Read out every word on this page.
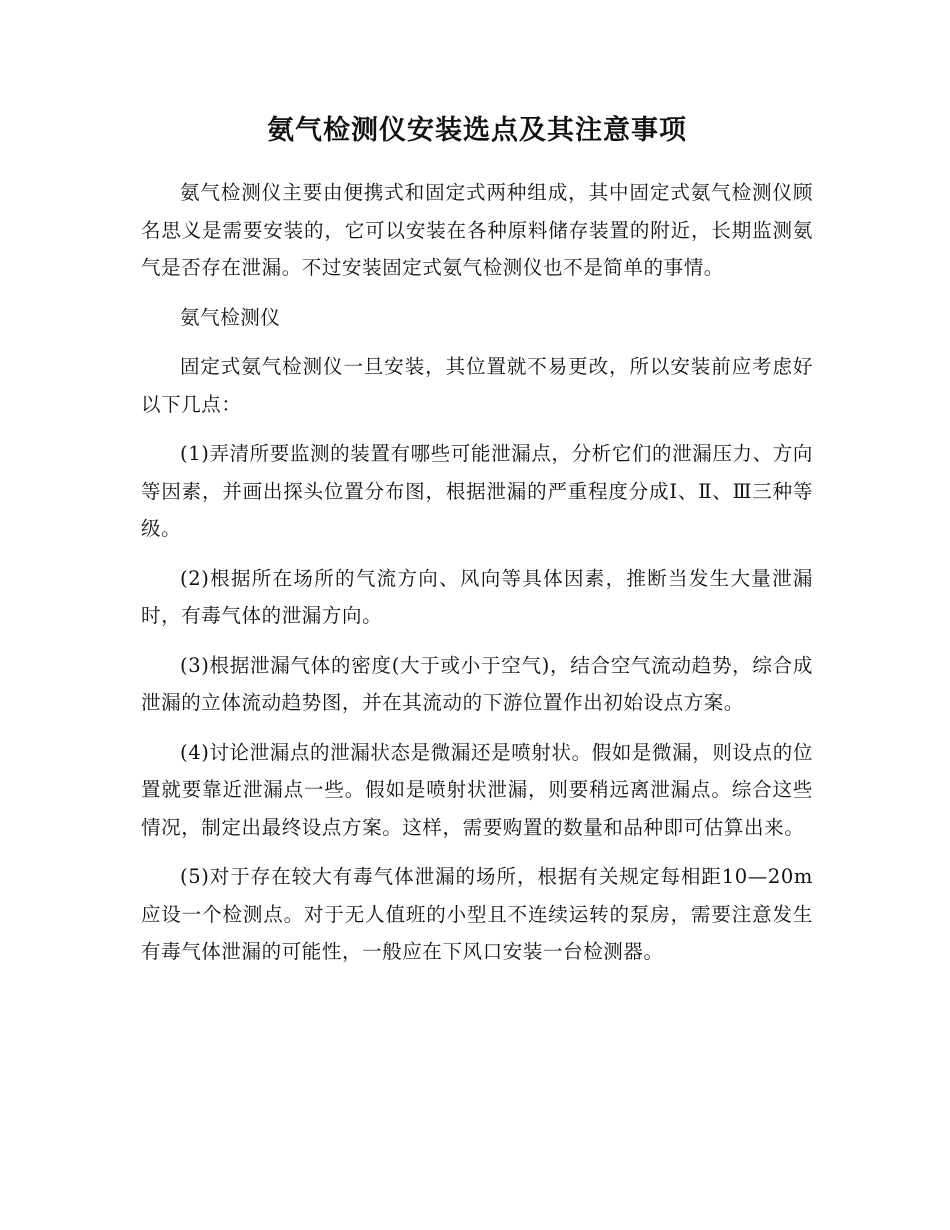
氨气检测仪安装选点及其注意事项

氨气检测仪主要由便携式和固定式两种组成，其中固定式氨气检测仪顾名思义是需要安装的，它可以安装在各种原料储存装置的附近，长期监测氨气是否存在泄漏。不过安装固定式氨气检测仪也不是简单的事情。

氨气检测仪

固定式氨气检测仪一旦安装，其位置就不易更改，所以安装前应考虑好以下几点：

(1)弄清所要监测的装置有哪些可能泄漏点，分析它们的泄漏压力、方向等因素，并画出探头位置分布图，根据泄漏的严重程度分成Ⅰ、Ⅱ、Ⅲ三种等级。

(2)根据所在场所的气流方向、风向等具体因素，推断当发生大量泄漏时，有毒气体的泄漏方向。

(3)根据泄漏气体的密度(大于或小于空气)，结合空气流动趋势，综合成泄漏的立体流动趋势图，并在其流动的下游位置作出初始设点方案。

(4)讨论泄漏点的泄漏状态是微漏还是喷射状。假如是微漏，则设点的位置就要靠近泄漏点一些。假如是喷射状泄漏，则要稍远离泄漏点。综合这些情况，制定出最终设点方案。这样，需要购置的数量和品种即可估算出来。

(5)对于存在较大有毒气体泄漏的场所，根据有关规定每相距10—20m应设一个检测点。对于无人值班的小型且不连续运转的泵房，需要注意发生有毒气体泄漏的可能性，一般应在下风口安装一台检测器。
